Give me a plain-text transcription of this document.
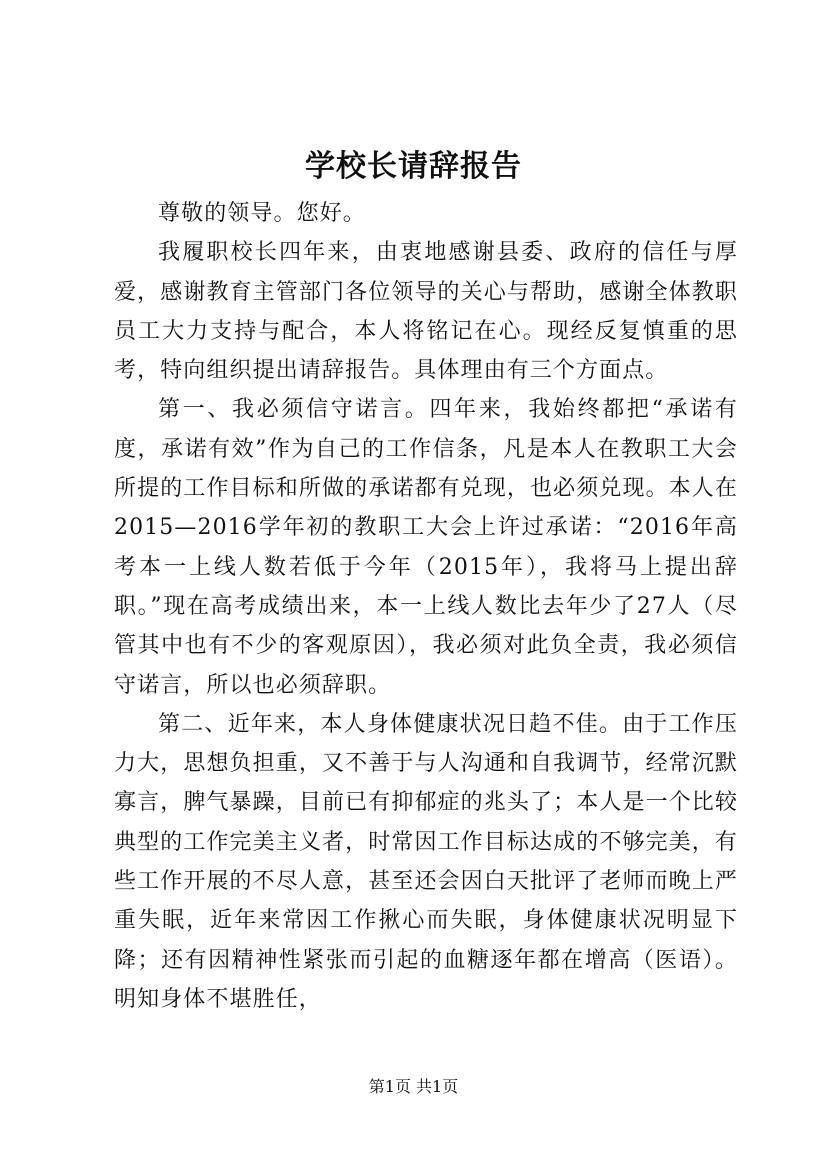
学校长请辞报告

尊敬的领导。您好。

我履职校长四年来，由衷地感谢县委、政府的信任与厚爱，感谢教育主管部门各位领导的关心与帮助，感谢全体教职员工大力支持与配合，本人将铭记在心。现经反复慎重的思考，特向组织提出请辞报告。具体理由有三个方面点。

第一、我必须信守诺言。四年来，我始终都把“承诺有度，承诺有效”作为自己的工作信条，凡是本人在教职工大会所提的工作目标和所做的承诺都有兑现，也必须兑现。本人在2015—2016学年初的教职工大会上许过承诺：“2016年高考本一上线人数若低于今年（2015年），我将马上提出辞职。”现在高考成绩出来，本一上线人数比去年少了27人（尽管其中也有不少的客观原因），我必须对此负全责，我必须信守诺言，所以也必须辞职。

第二、近年来，本人身体健康状况日趋不佳。由于工作压力大，思想负担重，又不善于与人沟通和自我调节，经常沉默寡言，脾气暴躁，目前已有抑郁症的兆头了；本人是一个比较典型的工作完美主义者，时常因工作目标达成的不够完美，有些工作开展的不尽人意，甚至还会因白天批评了老师而晚上严重失眠，近年来常因工作揪心而失眠，身体健康状况明显下降；还有因精神性紧张而引起的血糖逐年都在增高（医语）。明知身体不堪胜任，

第1页 共1页
